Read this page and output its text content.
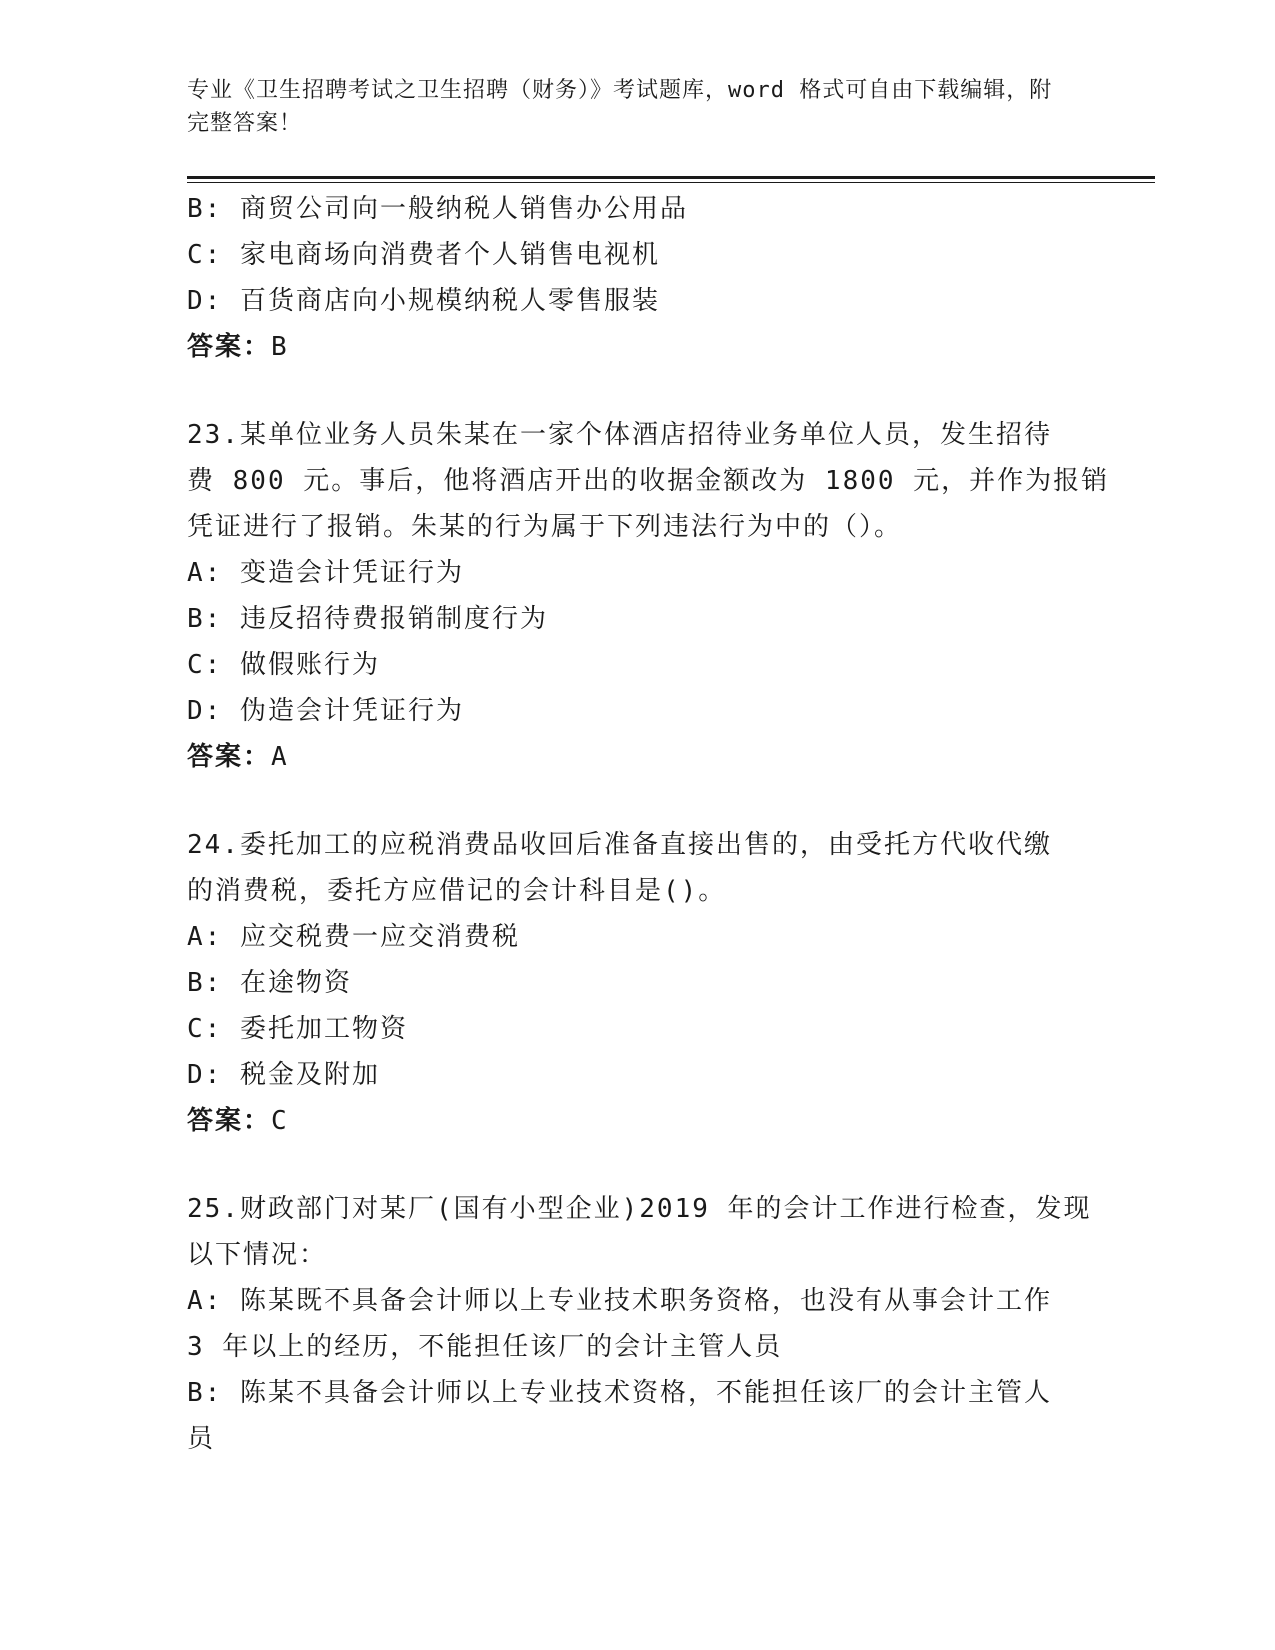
专业《卫生招聘考试之卫生招聘（财务）》考试题库，word 格式可自由下载编辑，附完整答案！
B: 商贸公司向一般纳税人销售办公用品
C: 家电商场向消费者个人销售电视机
D: 百货商店向小规模纳税人零售服装
答案：B
23.某单位业务人员朱某在一家个体酒店招待业务单位人员，发生招待
费 800 元。事后，他将酒店开出的收据金额改为 1800 元，并作为报销
凭证进行了报销。朱某的行为属于下列违法行为中的（）。
A: 变造会计凭证行为
B: 违反招待费报销制度行为
C: 做假账行为
D: 伪造会计凭证行为
答案：A
24.委托加工的应税消费品收回后准备直接出售的，由受托方代收代缴
的消费税，委托方应借记的会计科目是()。
A: 应交税费一应交消费税
B: 在途物资
C: 委托加工物资
D: 税金及附加
答案：C
25.财政部门对某厂(国有小型企业)2019 年的会计工作进行检查，发现
以下情况：
A: 陈某既不具备会计师以上专业技术职务资格，也没有从事会计工作
3 年以上的经历，不能担任该厂的会计主管人员
B: 陈某不具备会计师以上专业技术资格，不能担任该厂的会计主管人
员
